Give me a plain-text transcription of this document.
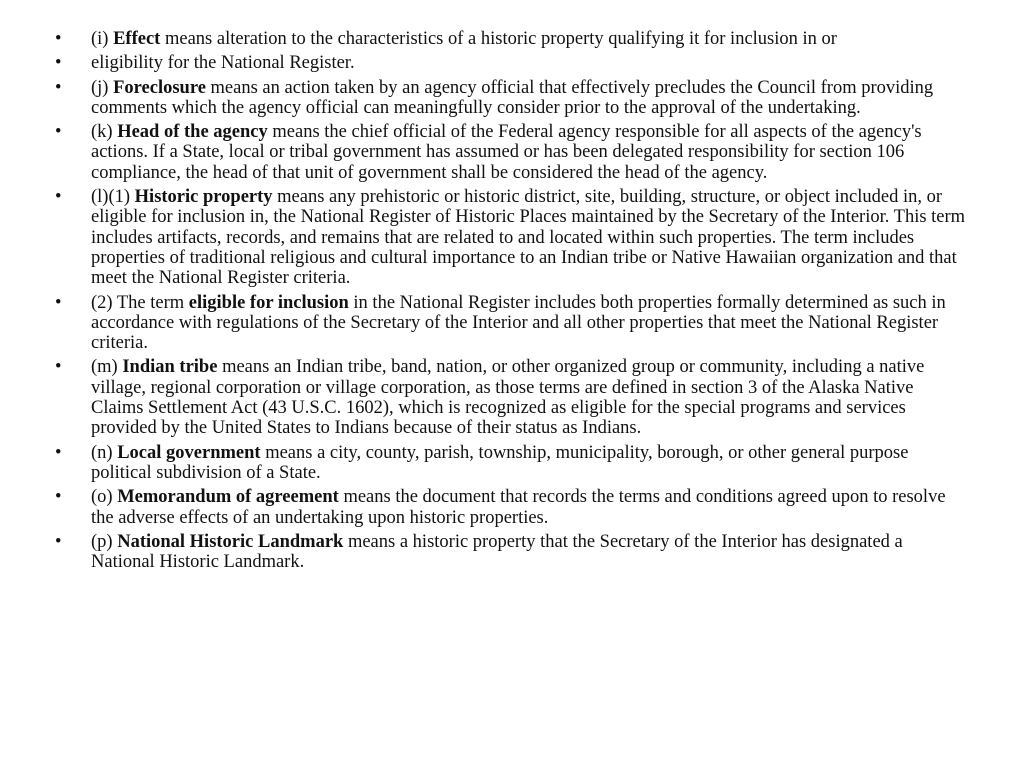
•	(i) Effect means alteration to the characteristics of a historic property qualifying it for inclusion in or
•	eligibility for the National Register.
•	(j) Foreclosure means an action taken by an agency official that effectively precludes the Council from providing comments which the agency official can meaningfully consider prior to the approval of the undertaking.
•	(k) Head of the agency means the chief official of the Federal agency responsible for all aspects of the agency's actions. If a State, local or tribal government has assumed or has been delegated responsibility for section 106 compliance, the head of that unit of government shall be considered the head of the agency.
•	(l)(1) Historic property means any prehistoric or historic district, site, building, structure, or object included in, or eligible for inclusion in, the National Register of Historic Places maintained by the Secretary of the Interior. This term includes artifacts, records, and remains that are related to and located within such properties. The term includes properties of traditional religious and cultural importance to an Indian tribe or Native Hawaiian organization and that meet the National Register criteria.
•	(2) The term eligible for inclusion in the National Register includes both properties formally determined as such in accordance with regulations of the Secretary of the Interior and all other properties that meet the National Register criteria.
•	(m) Indian tribe means an Indian tribe, band, nation, or other organized group or community, including a native village, regional corporation or village corporation, as those terms are defined in section 3 of the Alaska Native Claims Settlement Act (43 U.S.C. 1602), which is recognized as eligible for the special programs and services provided by the United States to Indians because of their status as Indians.
•	(n) Local government means a city, county, parish, township, municipality, borough, or other general purpose political subdivision of a State.
•	(o) Memorandum of agreement means the document that records the terms and conditions agreed upon to resolve the adverse effects of an undertaking upon historic properties.
•	(p) National Historic Landmark means a historic property that the Secretary of the Interior has designated a National Historic Landmark.
